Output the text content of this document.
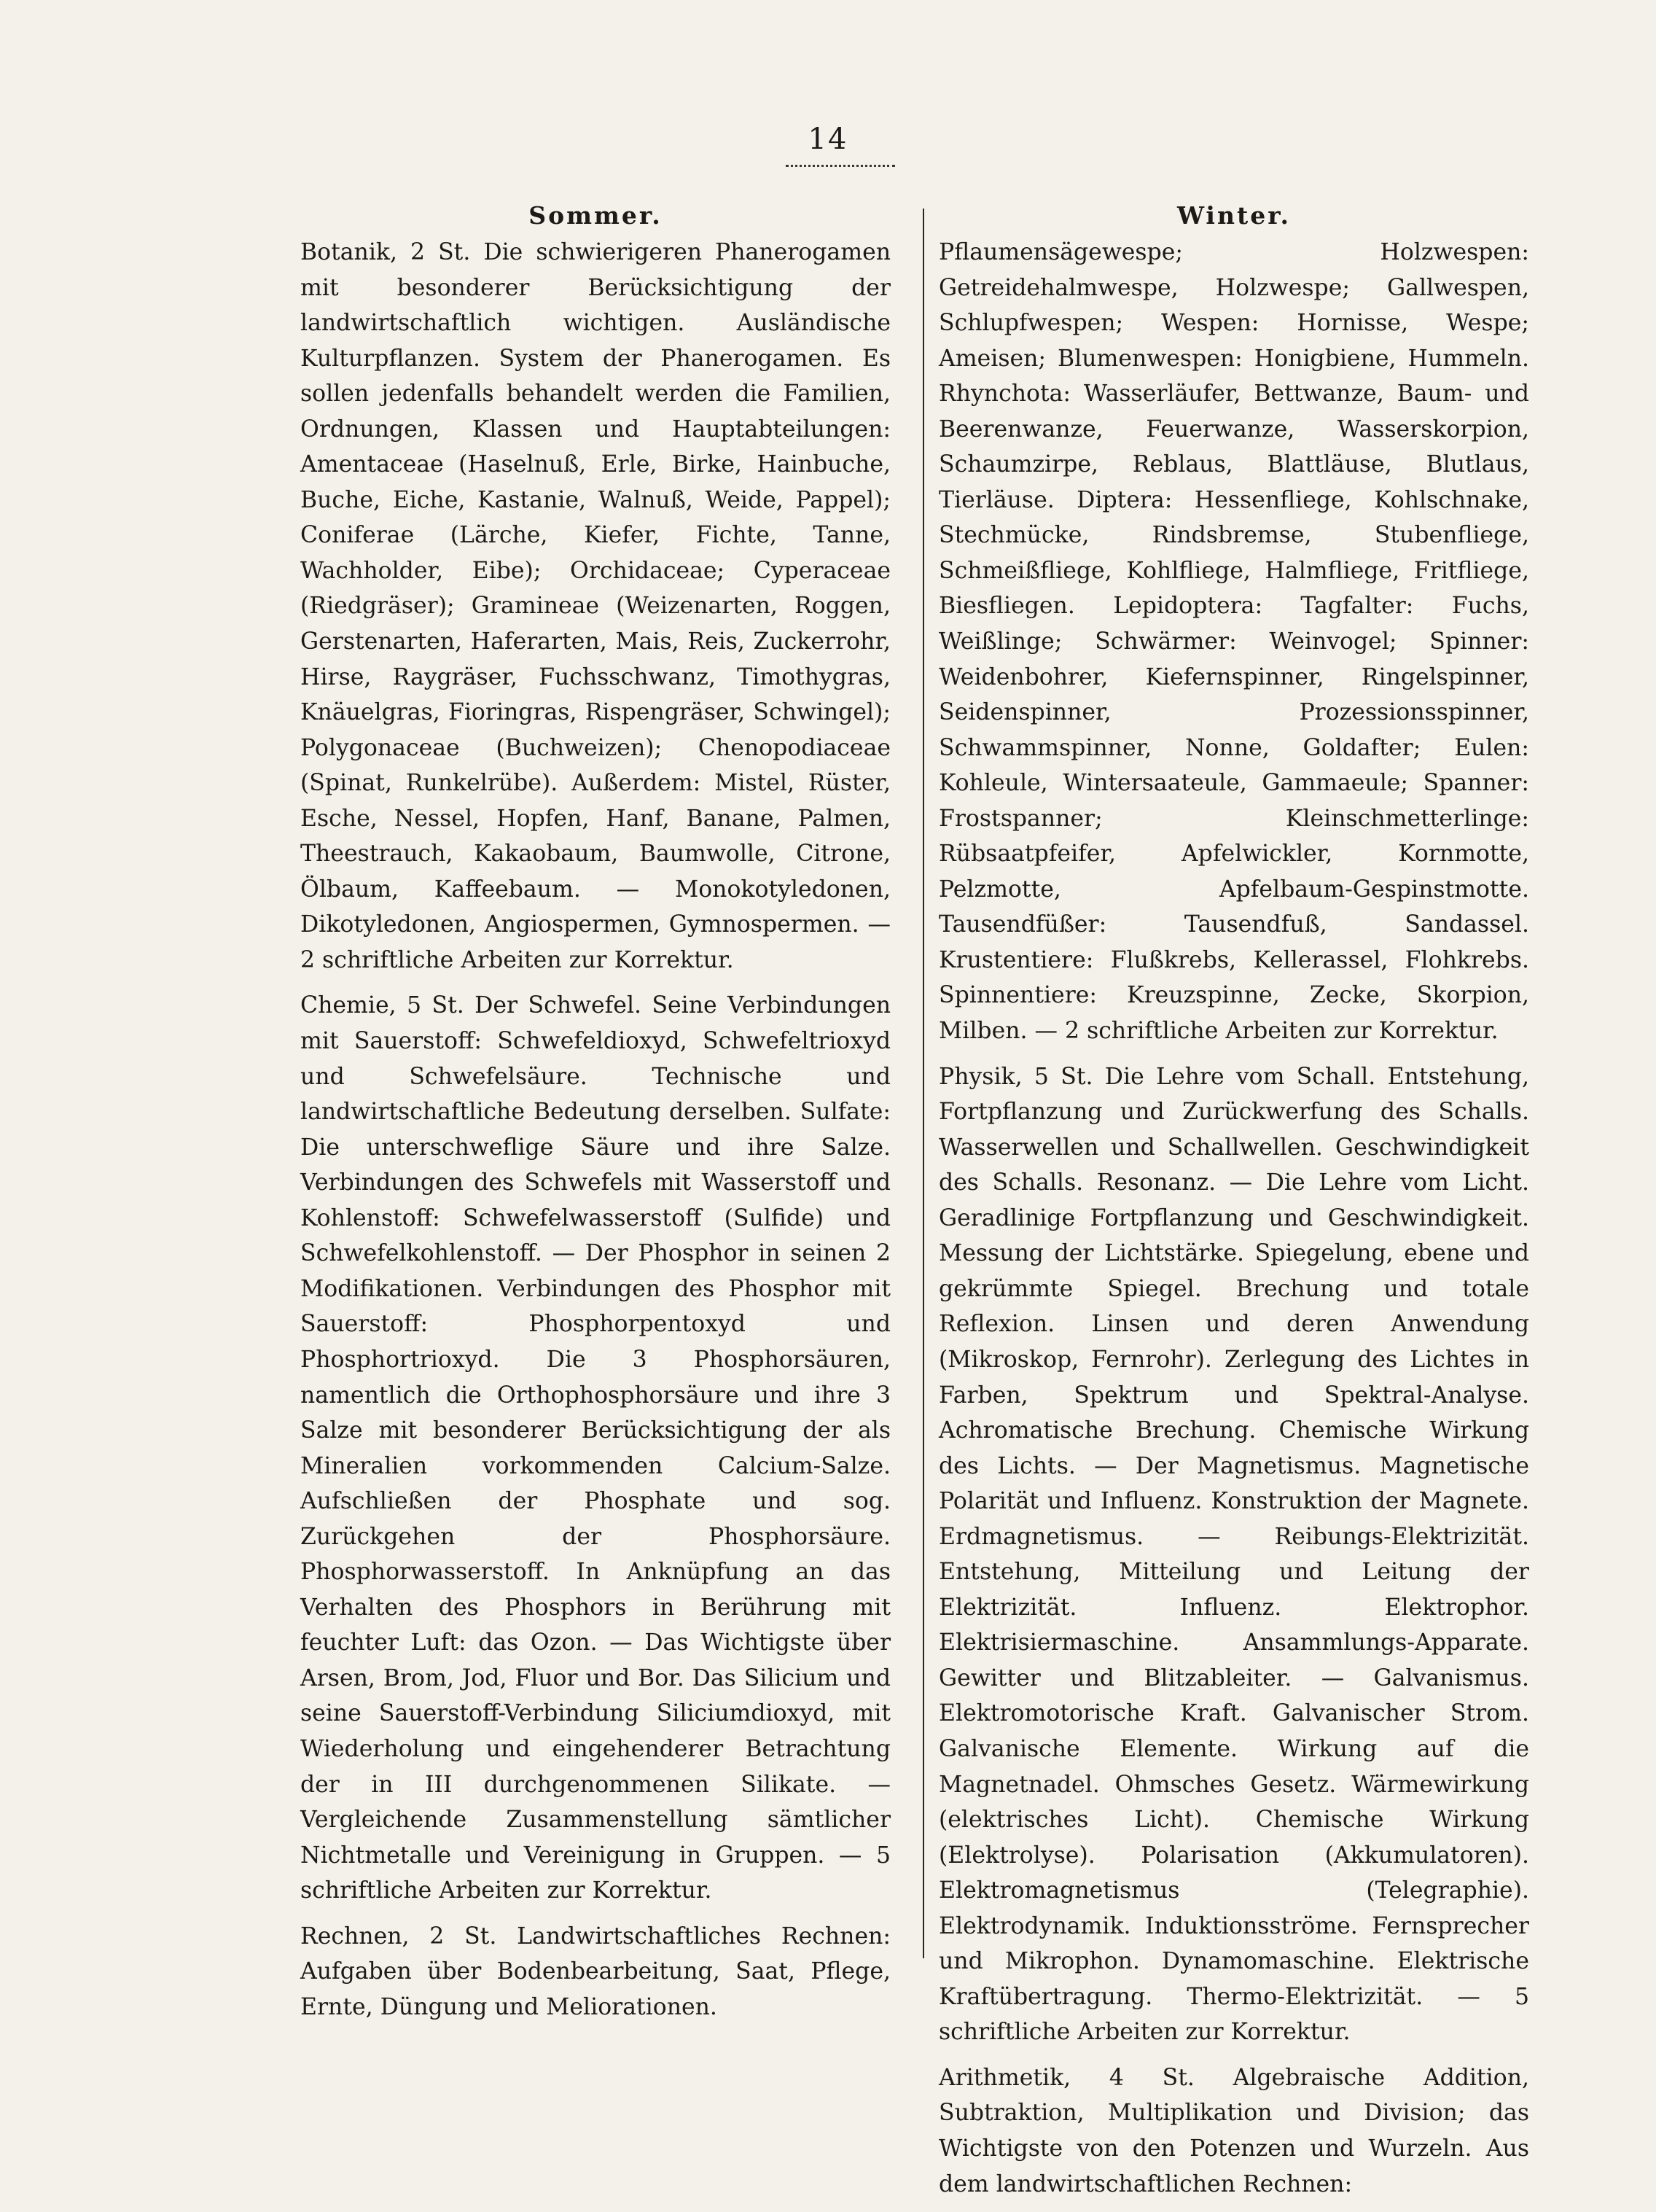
14
Sommer.

Botanik, 2 St. Die schwierigeren Phanerogamen mit besonderer Berücksichtigung der landwirtschaftlich wichtigen. Ausländische Kulturpflanzen. System der Phanerogamen. Es sollen jedenfalls behandelt werden die Familien, Ordnungen, Klassen und Hauptabteilungen: Amentaceae (Haselnuß, Erle, Birke, Hainbuche, Buche, Eiche, Kastanie, Walnuß, Weide, Pappel); Coniferae (Lärche, Kiefer, Fichte, Tanne, Wachholder, Eibe); Orchidaceae; Cyperaceae (Riedgräser); Gramineae (Weizenarten, Roggen, Gerstenarten, Haferarten, Mais, Reis, Zuckerrohr, Hirse, Raygräser, Fuchsschwanz, Timothygras, Knäuelgras, Fioringras, Rispengräser, Schwingel); Polygonaceae (Buchweizen); Chenopodiaceae (Spinat, Runkelrübe). Außerdem: Mistel, Rüster, Esche, Nessel, Hopfen, Hanf, Banane, Palmen, Theestrauch, Kakaobaum, Baumwolle, Citrone, Ölbaum, Kaffeebaum. — Monokotyledonen, Dikotyledonen, Angiospermen, Gymnospermen. — 2 schriftliche Arbeiten zur Korrektur.

Chemie, 5 St. Der Schwefel. Seine Verbindungen mit Sauerstoff: Schwefeldioxyd, Schwefeltrioxyd und Schwefelsäure. Technische und landwirtschaftliche Bedeutung derselben. Sulfate: Die unterschweflige Säure und ihre Salze. Verbindungen des Schwefels mit Wasserstoff und Kohlenstoff: Schwefelwasserstoff (Sulfide) und Schwefelkohlenstoff. — Der Phosphor in seinen 2 Modifikationen. Verbindungen des Phosphor mit Sauerstoff: Phosphorpentoxyd und Phosphortrioxyd. Die 3 Phosphorsäuren, namentlich die Orthophosphorsäure und ihre 3 Salze mit besonderer Berücksichtigung der als Mineralien vorkommenden Calcium-Salze. Aufschließen der Phosphate und sog. Zurückgehen der Phosphorsäure. Phosphorwasserstoff. In Anknüpfung an das Verhalten des Phosphors in Berührung mit feuchter Luft: das Ozon. — Das Wichtigste über Arsen, Brom, Jod, Fluor und Bor. Das Silicium und seine Sauerstoff-Verbindung Siliciumdioxyd, mit Wiederholung und eingehenderer Betrachtung der in III durchgenommenen Silikate. — Vergleichende Zusammenstellung sämtlicher Nichtmetalle und Vereinigung in Gruppen. — 5 schriftliche Arbeiten zur Korrektur.

Rechnen, 2 St. Landwirtschaftliches Rechnen: Aufgaben über Bodenbearbeitung, Saat, Pflege, Ernte, Düngung und Meliorationen.

Winter.

Pflaumensägewespe; Holzwespen: Getreidehalmwespe, Holzwespe; Gallwespen, Schlupfwespen; Wespen: Hornisse, Wespe; Ameisen; Blumenwespen: Honigbiene, Hummeln. Rhynchota: Wasserläufer, Bettwanze, Baum- und Beerenwanze, Feuerwanze, Wasserskorpion, Schaumzirpe, Reblaus, Blattläuse, Blutlaus, Tierläuse. Diptera: Hessenfliege, Kohlschnake, Stechmücke, Rindsbremse, Stubenfliege, Schmeißfliege, Kohlfliege, Halmfliege, Fritfliege, Biesfliegen. Lepidoptera: Tagfalter: Fuchs, Weißlinge; Schwärmer: Weinvogel; Spinner: Weidenbohrer, Kiefernspinner, Ringelspinner, Seidenspinner, Prozessionsspinner, Schwammspinner, Nonne, Goldafter; Eulen: Kohleule, Wintersaateule, Gammaeule; Spanner: Frostspanner; Kleinschmetterlinge: Rübsaatpfeifer, Apfelwickler, Kornmotte, Pelzmotte, Apfelbaum-Gespinstmotte. Tausendfüßer: Tausendfuß, Sandassel. Krustentiere: Flußkrebs, Kellerassel, Flohkrebs. Spinnentiere: Kreuzspinne, Zecke, Skorpion, Milben. — 2 schriftliche Arbeiten zur Korrektur.

Physik, 5 St. Die Lehre vom Schall. Entstehung, Fortpflanzung und Zurückwerfung des Schalls. Wasserwellen und Schallwellen. Geschwindigkeit des Schalls. Resonanz. — Die Lehre vom Licht. Geradlinige Fortpflanzung und Geschwindigkeit. Messung der Lichtstärke. Spiegelung, ebene und gekrümmte Spiegel. Brechung und totale Reflexion. Linsen und deren Anwendung (Mikroskop, Fernrohr). Zerlegung des Lichtes in Farben, Spektrum und Spektral-Analyse. Achromatische Brechung. Chemische Wirkung des Lichts. — Der Magnetismus. Magnetische Polarität und Influenz. Konstruktion der Magnete. Erdmagnetismus. — Reibungs-Elektrizität. Entstehung, Mitteilung und Leitung der Elektrizität. Influenz. Elektrophor. Elektrisiermaschine. Ansammlungs-Apparate. Gewitter und Blitzableiter. — Galvanismus. Elektromotorische Kraft. Galvanischer Strom. Galvanische Elemente. Wirkung auf die Magnetnadel. Ohmsches Gesetz. Wärmewirkung (elektrisches Licht). Chemische Wirkung (Elektrolyse). Polarisation (Akkumulatoren). Elektromagnetismus (Telegraphie). Elektrodynamik. Induktionsströme. Fernsprecher und Mikrophon. Dynamomaschine. Elektrische Kraftübertragung. Thermo-Elektrizität. — 5 schriftliche Arbeiten zur Korrektur.

Arithmetik, 4 St. Algebraische Addition, Subtraktion, Multiplikation und Division; das Wichtigste von den Potenzen und Wurzeln. Aus dem landwirtschaftlichen Rechnen:
